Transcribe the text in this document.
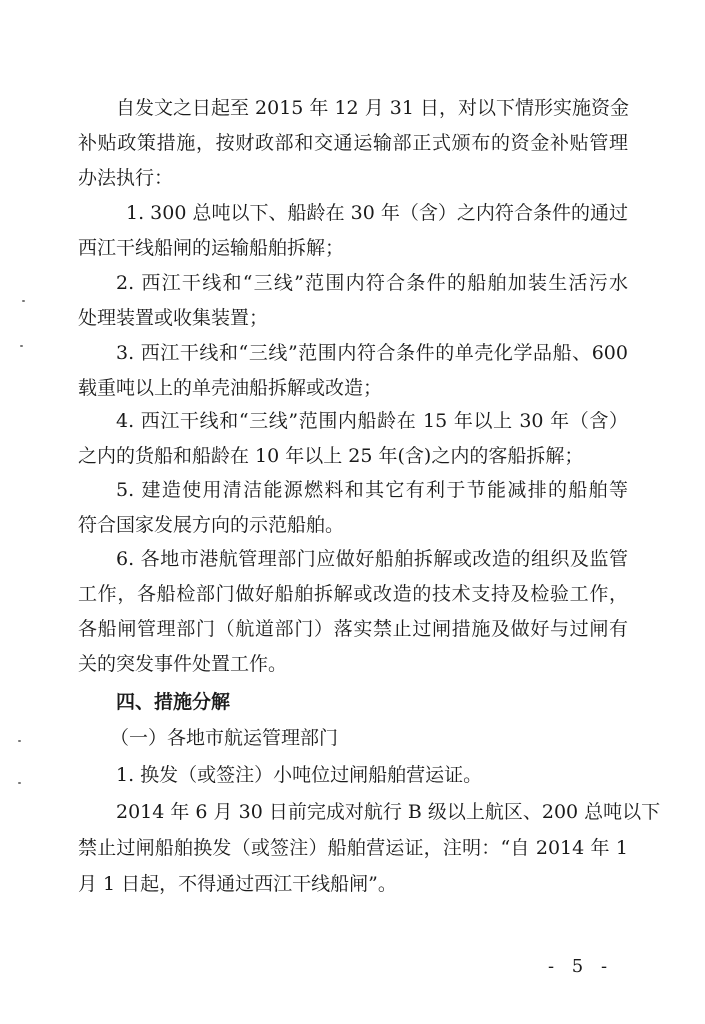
自发文之日起至 2015 年 12 月 31 日，对以下情形实施资金
补贴政策措施，按财政部和交通运输部正式颁布的资金补贴管理
办法执行：
1. 300 总吨以下、船龄在 30 年（含）之内符合条件的通过
西江干线船闸的运输船舶拆解；
2. 西江干线和“三线”范围内符合条件的船舶加装生活污水
处理装置或收集装置；
3. 西江干线和“三线”范围内符合条件的单壳化学品船、600
载重吨以上的单壳油船拆解或改造；
4. 西江干线和“三线”范围内船龄在 15 年以上 30 年（含）
之内的货船和船龄在 10 年以上 25 年(含)之内的客船拆解；
5. 建造使用清洁能源燃料和其它有利于节能减排的船舶等
符合国家发展方向的示范船舶。
6. 各地市港航管理部门应做好船舶拆解或改造的组织及监管
工作，各船检部门做好船舶拆解或改造的技术支持及检验工作，
各船闸管理部门（航道部门）落实禁止过闸措施及做好与过闸有
关的突发事件处置工作。
四、措施分解
（一）各地市航运管理部门
1. 换发（或签注）小吨位过闸船舶营运证。
2014 年 6 月 30 日前完成对航行 B 级以上航区、200 总吨以下
禁止过闸船舶换发（或签注）船舶营运证，注明：“自 2014 年 1
月 1 日起，不得通过西江干线船闸”。
- 5 -
